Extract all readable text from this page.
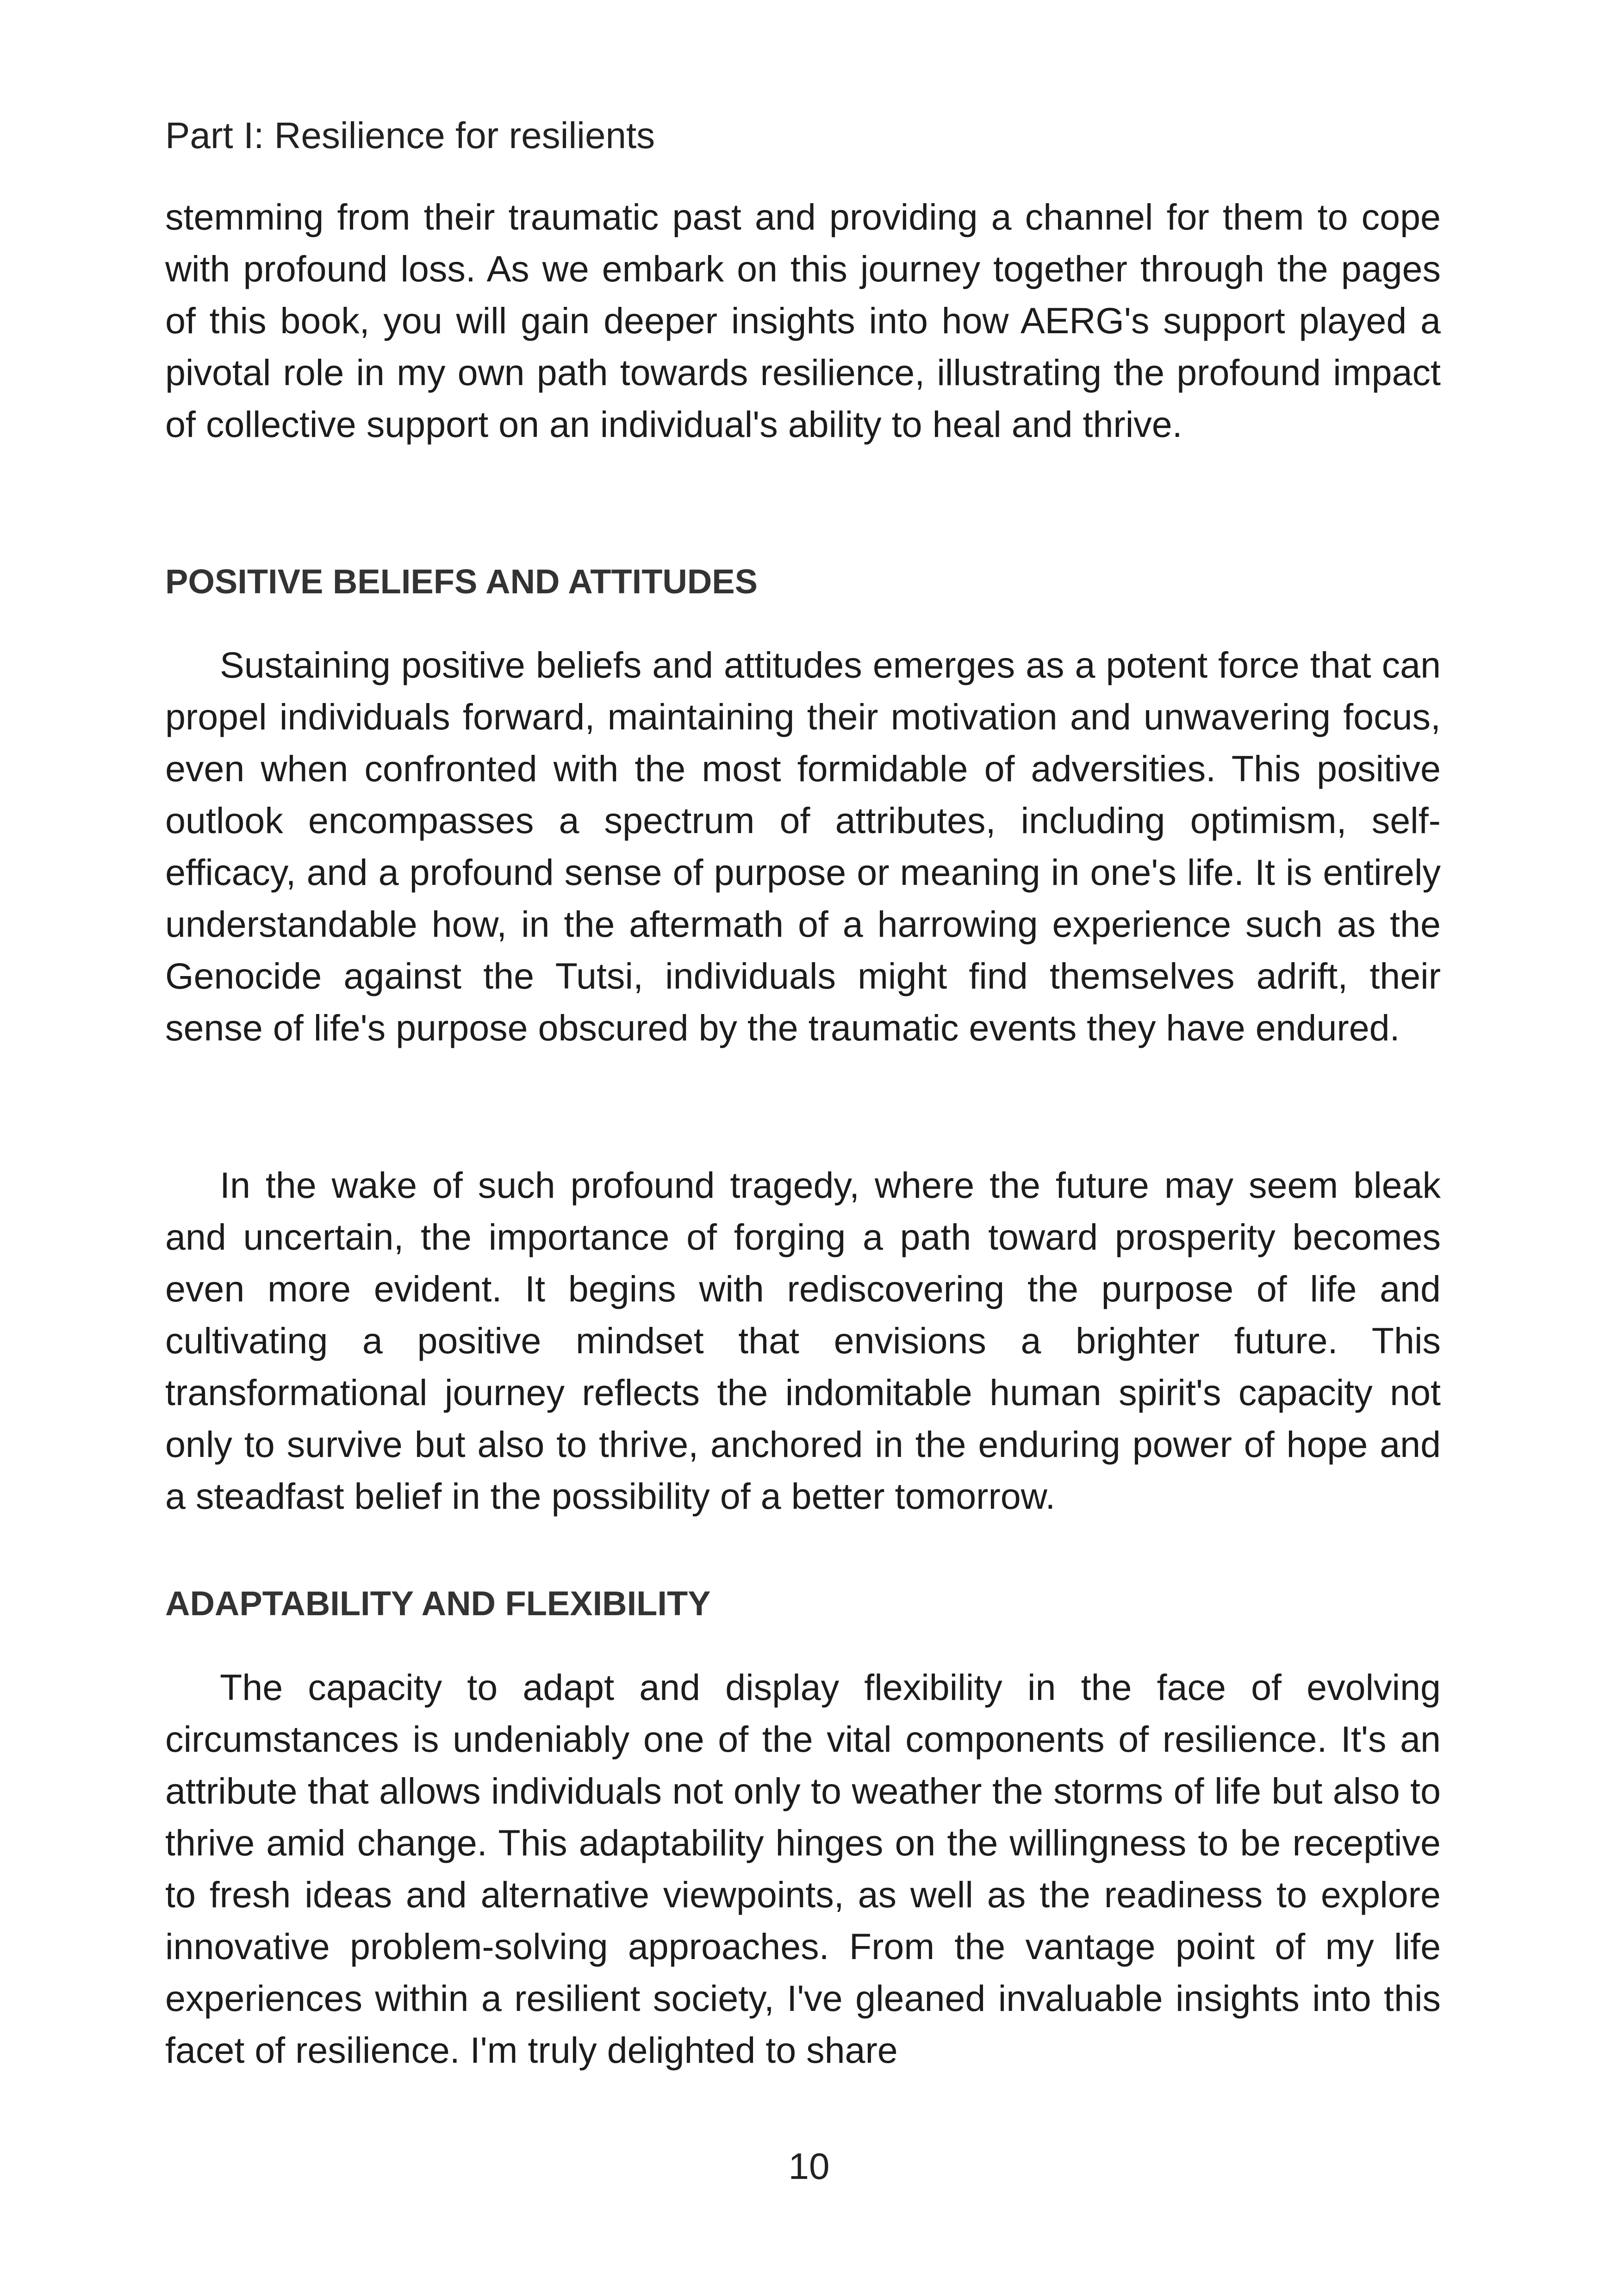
Part I: Resilience for resilients

stemming from their traumatic past and providing a channel for them to cope with profound loss. As we embark on this journey together through the pages of this book, you will gain deeper insights into how AERG's support played a pivotal role in my own path towards resilience, illustrating the profound impact of collective support on an individual's ability to heal and thrive.

POSITIVE BELIEFS AND ATTITUDES

Sustaining positive beliefs and attitudes emerges as a potent force that can propel individuals forward, maintaining their motivation and unwavering focus, even when confronted with the most formidable of adversities. This positive outlook encompasses a spectrum of attributes, including optimism, self-efficacy, and a profound sense of purpose or meaning in one's life. It is entirely understandable how, in the aftermath of a harrowing experience such as the Genocide against the Tutsi, individuals might find themselves adrift, their sense of life's purpose obscured by the traumatic events they have endured.

In the wake of such profound tragedy, where the future may seem bleak and uncertain, the importance of forging a path toward prosperity becomes even more evident. It begins with rediscovering the purpose of life and cultivating a positive mindset that envisions a brighter future. This transformational journey reflects the indomitable human spirit's capacity not only to survive but also to thrive, anchored in the enduring power of hope and a steadfast belief in the possibility of a better tomorrow.

ADAPTABILITY AND FLEXIBILITY

The capacity to adapt and display flexibility in the face of evolving circumstances is undeniably one of the vital components of resilience. It's an attribute that allows individuals not only to weather the storms of life but also to thrive amid change. This adaptability hinges on the willingness to be receptive to fresh ideas and alternative viewpoints, as well as the readiness to explore innovative problem-solving approaches. From the vantage point of my life experiences within a resilient society, I've gleaned invaluable insights into this facet of resilience. I'm truly delighted to share

10
